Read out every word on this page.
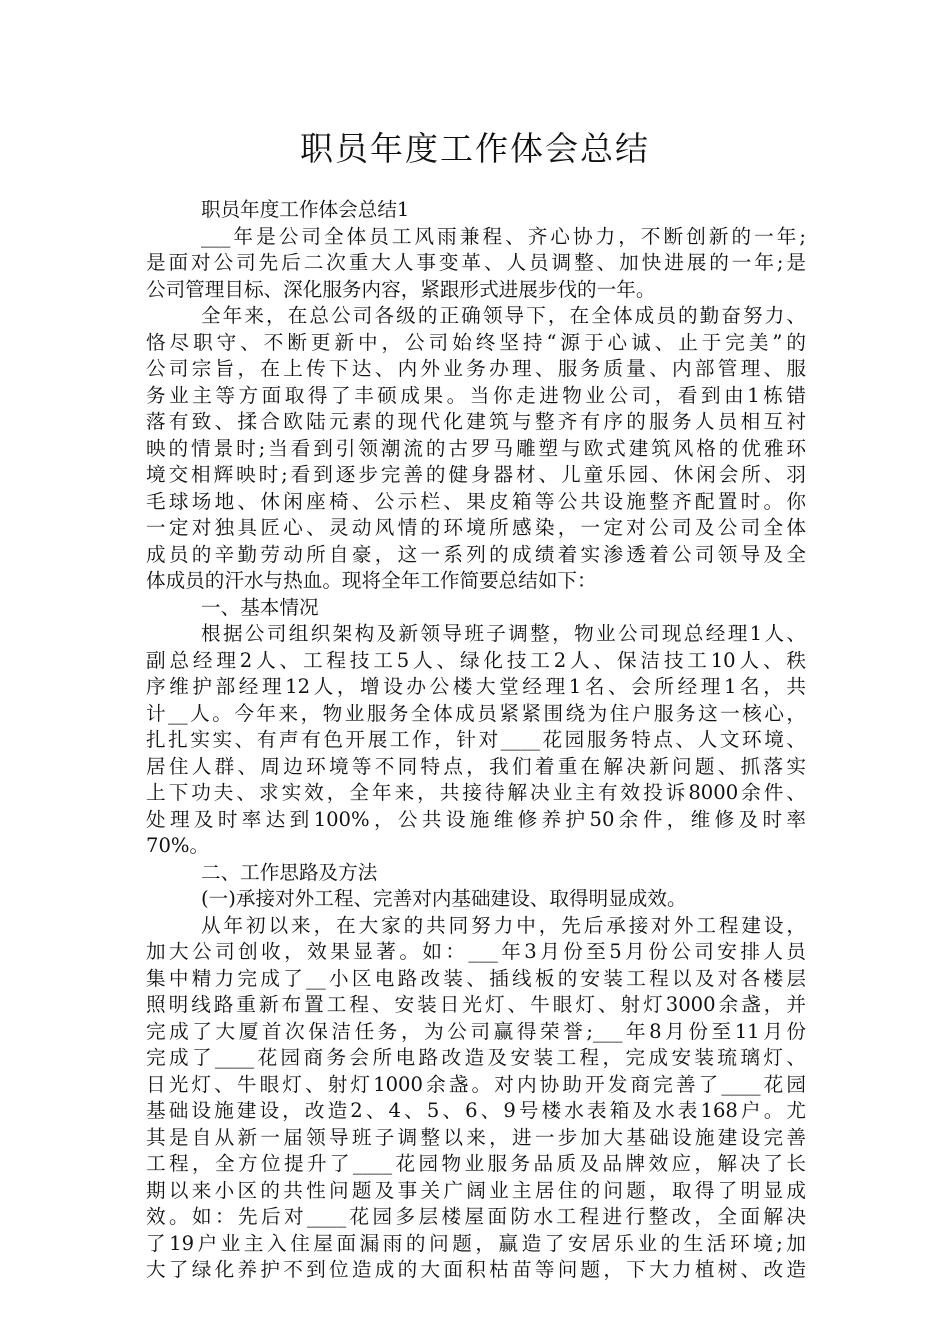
职员年度工作体会总结
职员年度工作体会总结1
___年是公司全体员工风雨兼程、齐心协力，不断创新的一年;
是面对公司先后二次重大人事变革、人员调整、加快进展的一年;是
公司管理目标、深化服务内容，紧跟形式进展步伐的一年。
全年来，在总公司各级的正确领导下，在全体成员的勤奋努力、
恪尽职守、不断更新中，公司始终坚持“源于心诚、止于完美”的
公司宗旨，在上传下达、内外业务办理、服务质量、内部管理、服
务业主等方面取得了丰硕成果。当你走进物业公司，看到由1栋错
落有致、揉合欧陆元素的现代化建筑与整齐有序的服务人员相互衬
映的情景时;当看到引领潮流的古罗马雕塑与欧式建筑风格的优雅环
境交相辉映时;看到逐步完善的健身器材、儿童乐园、休闲会所、羽
毛球场地、休闲座椅、公示栏、果皮箱等公共设施整齐配置时。你
一定对独具匠心、灵动风情的环境所感染，一定对公司及公司全体
成员的辛勤劳动所自豪，这一系列的成绩着实渗透着公司领导及全
体成员的汗水与热血。现将全年工作简要总结如下：
一、基本情况
根据公司组织架构及新领导班子调整，物业公司现总经理1人、
副总经理2人、工程技工5人、绿化技工2人、保洁技工10人、秩
序维护部经理12人，增设办公楼大堂经理1名、会所经理1名，共
计__人。今年来，物业服务全体成员紧紧围绕为住户服务这一核心，
扎扎实实、有声有色开展工作，针对____花园服务特点、人文环境、
居住人群、周边环境等不同特点，我们着重在解决新问题、抓落实
上下功夫、求实效，全年来，共接待解决业主有效投诉8000余件、
处理及时率达到100%，公共设施维修养护50余件，维修及时率
70%。
二、工作思路及方法
(一)承接对外工程、完善对内基础建设、取得明显成效。
从年初以来，在大家的共同努力中，先后承接对外工程建设，
加大公司创收，效果显著。如：___年3月份至5月份公司安排人员
集中精力完成了__小区电路改装、插线板的安装工程以及对各楼层
照明线路重新布置工程、安装日光灯、牛眼灯、射灯3000余盏，并
完成了大厦首次保洁任务，为公司赢得荣誉;___年8月份至11月份
完成了____花园商务会所电路改造及安装工程，完成安装琉璃灯、
日光灯、牛眼灯、射灯1000余盏。对内协助开发商完善了____花园
基础设施建设，改造2、4、5、6、9号楼水表箱及水表168户。尤
其是自从新一届领导班子调整以来，进一步加大基础设施建设完善
工程，全方位提升了____花园物业服务品质及品牌效应，解决了长
期以来小区的共性问题及事关广阔业主居住的问题，取得了明显成
效。如：先后对____花园多层楼屋面防水工程进行整改，全面解决
了19户业主入住屋面漏雨的问题，赢造了安居乐业的生活环境;加
大了绿化养护不到位造成的大面积枯苗等问题，下大力植树、改造
